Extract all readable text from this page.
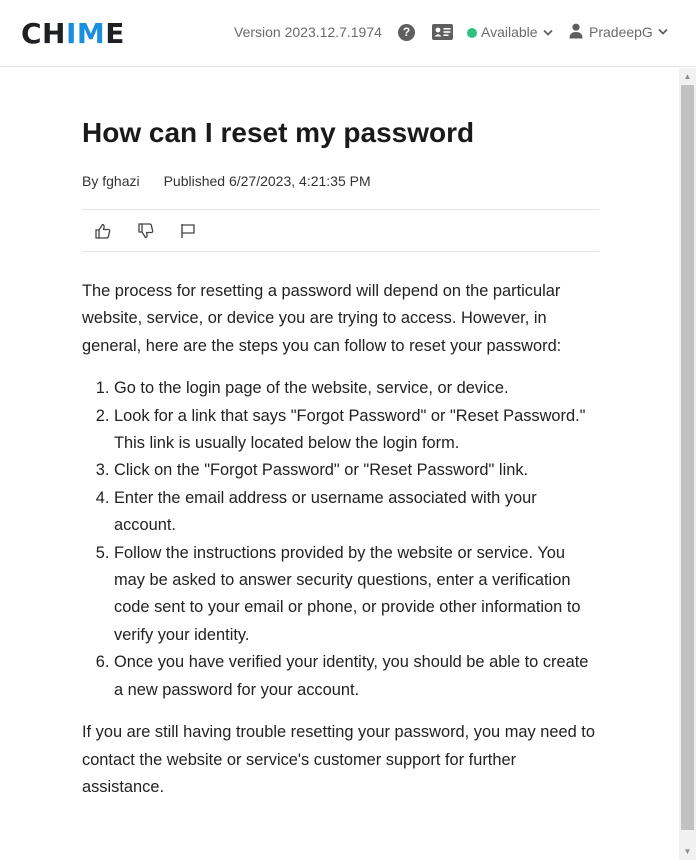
CHIME	Version 2023.12.7.1974	?	Available	PradeepG
▲
▼
How can I reset my password
By fghazi Published 6/27/2023, 4:21:35 PM

The process for resetting a password will depend on the particular website, service, or device you are trying to access. However, in general, here are the steps you can follow to reset your password:

1. Go to the login page of the website, service, or device.
2. Look for a link that says "Forgot Password" or "Reset Password." This link is usually located below the login form.
3. Click on the "Forgot Password" or "Reset Password" link.
4. Enter the email address or username associated with your account.
5. Follow the instructions provided by the website or service. You may be asked to answer security questions, enter a verification code sent to your email or phone, or provide other information to verify your identity.
6. Once you have verified your identity, you should be able to create a new password for your account.

If you are still having trouble resetting your password, you may need to contact the website or service's customer support for further assistance.
